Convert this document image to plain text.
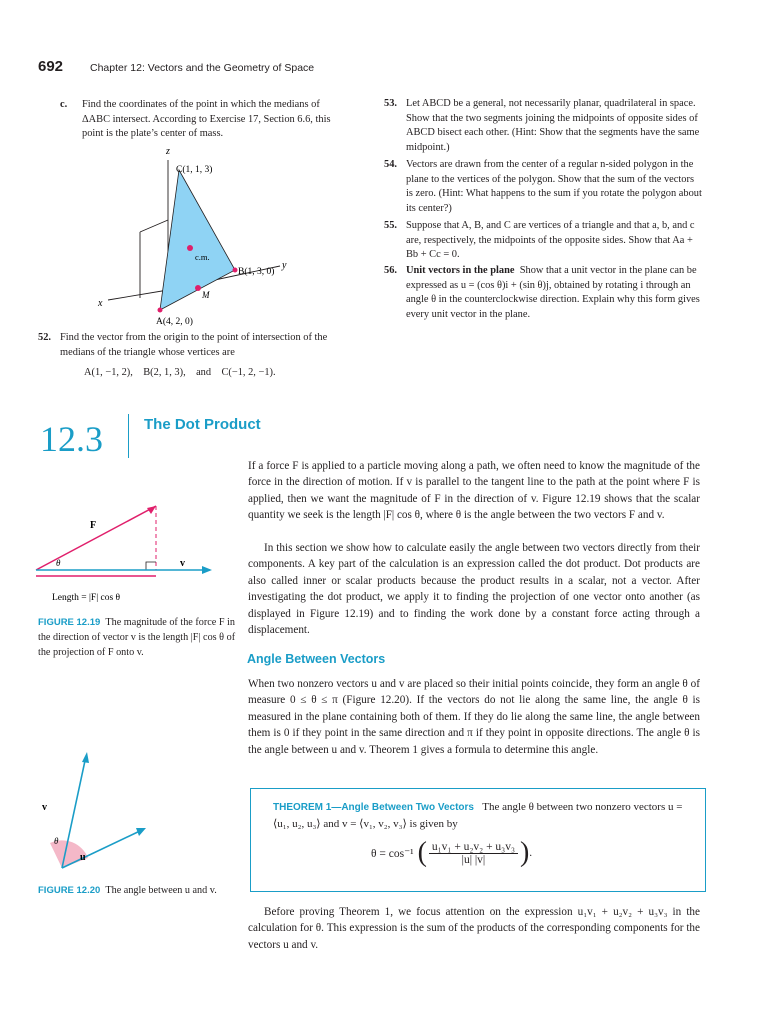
692	Chapter 12: Vectors and the Geometry of Space
c. Find the coordinates of the point in which the medians of ΔABC intersect. According to Exercise 17, Section 6.6, this point is the plate’s center of mass.
z
y
x
C(1, 1, 3)
B(1, 3, 0)
A(4, 2, 0)
c.m.
M
52. Find the vector from the origin to the point of intersection of the medians of the triangle whose vertices are
A(1, −1, 2),    B(2, 1, 3),    and    C(−1, 2, −1).
53. Let ABCD be a general, not necessarily planar, quadrilateral in space. Show that the two segments joining the midpoints of opposite sides of ABCD bisect each other. (Hint: Show that the segments have the same midpoint.)
54. Vectors are drawn from the center of a regular n-sided polygon in the plane to the vertices of the polygon. Show that the sum of the vectors is zero. (Hint: What happens to the sum if you rotate the polygon about its center?)
55. Suppose that A, B, and C are vertices of a triangle and that a, b, and c are, respectively, the midpoints of the opposite sides. Show that Aa + Bb + Cc = 0.
56. Unit vectors in the plane Show that a unit vector in the plane can be expressed as u = (cos θ)i + (sin θ)j, obtained by rotating i through an angle θ in the counterclockwise direction. Explain why this form gives every unit vector in the plane.
12.3	The Dot Product
If a force F is applied to a particle moving along a path, we often need to know the magnitude of the force in the direction of motion. If v is parallel to the tangent line to the path at the point where F is applied, then we want the magnitude of F in the direction of v. Figure 12.19 shows that the scalar quantity we seek is the length |F| cos θ, where θ is the angle between the two vectors F and v.
In this section we show how to calculate easily the angle between two vectors directly from their components. A key part of the calculation is an expression called the dot product. Dot products are also called inner or scalar products because the product results in a scalar, not a vector. After investigating the dot product, we apply it to finding the projection of one vector onto another (as displayed in Figure 12.19) and to finding the work done by a constant force acting through a displacement.
F
v
θ
Length = |F| cos θ
FIGURE 12.19 The magnitude of the force F in the direction of vector v is the length |F| cos θ of the projection of F onto v.	Angle Between Vectors
When two nonzero vectors u and v are placed so their initial points coincide, they form an angle θ of measure 0 ≤ θ ≤ π (Figure 12.20). If the vectors do not lie along the same line, the angle θ is measured in the plane containing both of them. If they do lie along the same line, the angle between them is 0 if they point in the same direction and π if they point in opposite directions. The angle θ is the angle between u and v. Theorem 1 gives a formula to determine this angle.
v
u
θ
FIGURE 12.20 The angle between u and v.
THEOREM 1—Angle Between Two Vectors The angle θ between two nonzero vectors u = ⟨u₁, u₂, u₃⟩ and v = ⟨v₁, v₂, v₃⟩ is given by
θ = cos⁻¹ ( $\frac{\text{u₁v₁ + u₂v₂ + u₃v₃}}{|u| |v|}$ ) .
Before proving Theorem 1, we focus attention on the expression u₁v₁ + u₂v₂ + u₃v₃ in the calculation for θ. This expression is the sum of the products of the corresponding components for the vectors u and v.
